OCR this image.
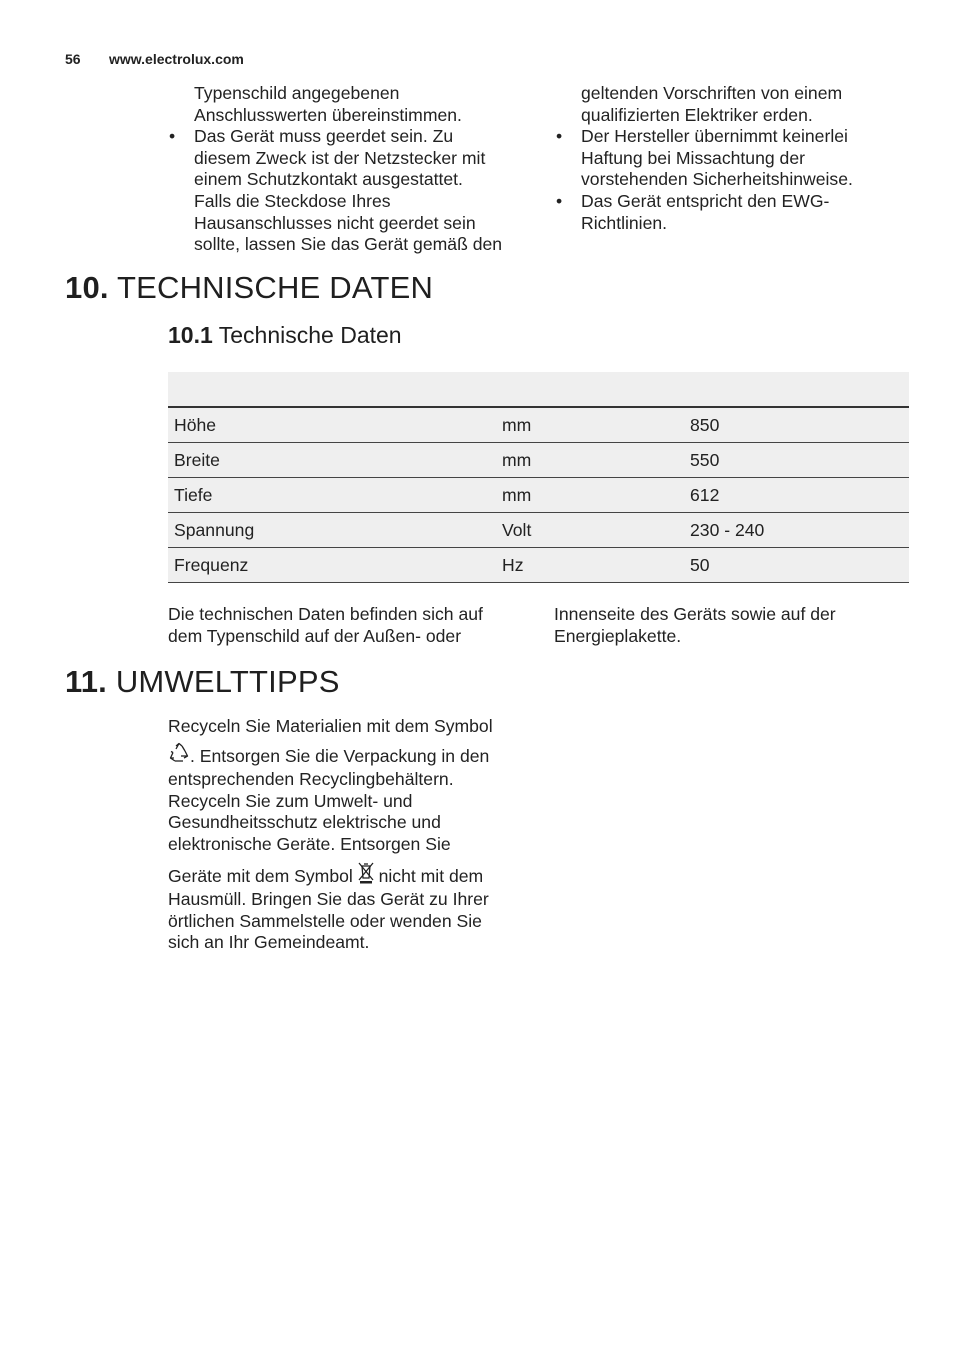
56 www.electrolux.com

Typenschild angegebenen

Anschlusswerten übereinstimmen.

• Das Gerät muss geerdet sein. Zu
diesem Zweck ist der Netzstecker mit
einem Schutzkontakt ausgestattet.
Falls die Steckdose Ihres
Hausanschlusses nicht geerdet sein
sollte, lassen Sie das Gerät gemäß den

geltenden Vorschriften von einem

qualifizierten Elektriker erden.

• Der Hersteller übernimmt keinerlei
Haftung bei Missachtung der
vorstehenden Sicherheitshinweise.
• Das Gerät entspricht den EWG-
Richtlinien.
10. TECHNISCHE DATEN
10.1 Technische Daten

Höhe	mm	850
Breite	mm	550
Tiefe	mm	612
Spannung	Volt	230 - 240
Frequenz	Hz	50

Die technischen Daten befinden sich auf

dem Typenschild auf der Außen- oder

Innenseite des Geräts sowie auf der

Energieplakette.

11. UMWELTTIPPS

Recyceln Sie Materialien mit dem Symbol

. Entsorgen Sie die Verpackung in den

entsprechenden Recyclingbehältern.

Recyceln Sie zum Umwelt- und

Gesundheitsschutz elektrische und

elektronische Geräte. Entsorgen Sie

Geräte mit dem Symbol  nicht mit dem

Hausmüll. Bringen Sie das Gerät zu Ihrer

örtlichen Sammelstelle oder wenden Sie

sich an Ihr Gemeindeamt.
